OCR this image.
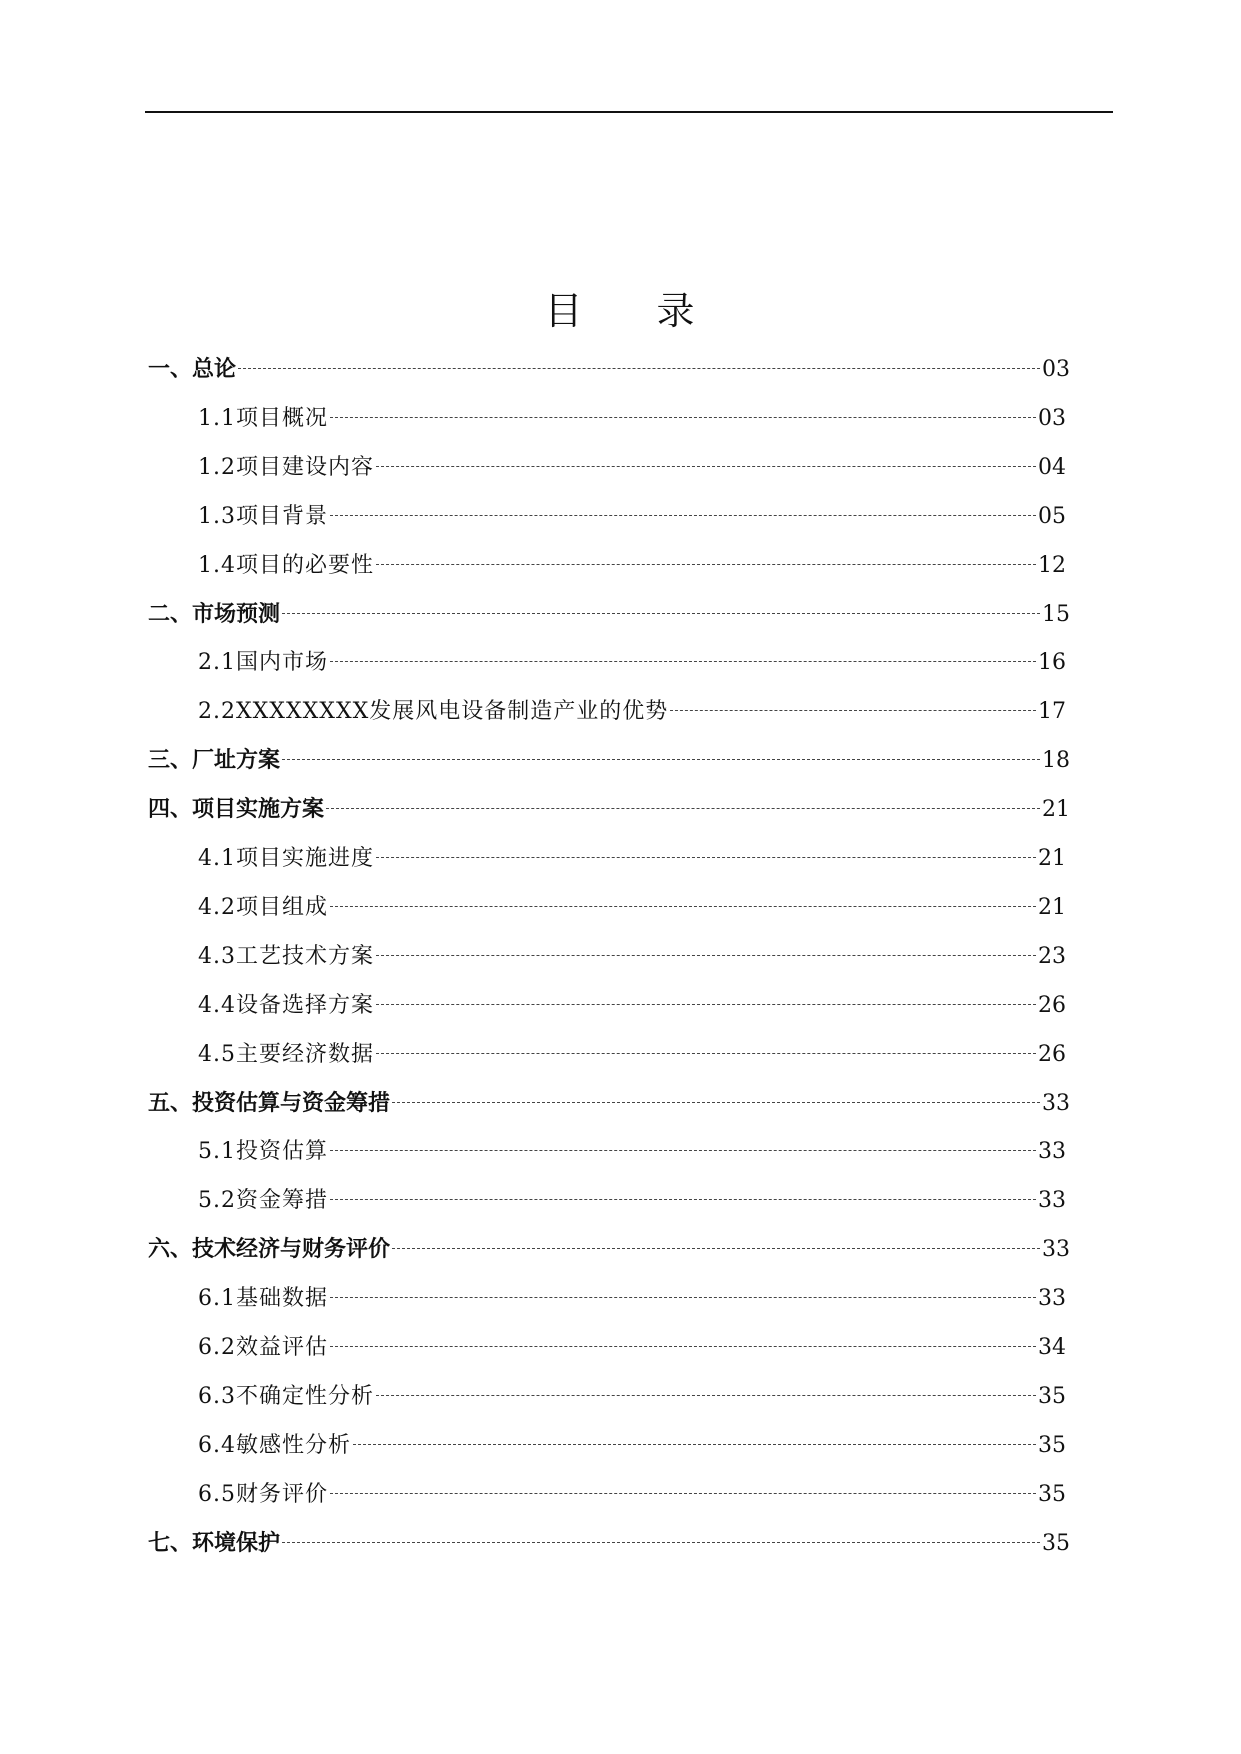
目 录
一、总论	03
1.1项目概况	03
1.2项目建设内容	04
1.3项目背景	05
1.4项目的必要性	12
二、市场预测	15
2.1国内市场	16
2.2XXXXXXXX发展风电设备制造产业的优势	17
三、厂址方案	18
四、项目实施方案	21
4.1项目实施进度	21
4.2项目组成	21
4.3工艺技术方案	23
4.4设备选择方案	26
4.5主要经济数据	26
五、投资估算与资金筹措	33
5.1投资估算	33
5.2资金筹措	33
六、技术经济与财务评价	33
6.1基础数据	33
6.2效益评估	34
6.3不确定性分析	35
6.4敏感性分析	35
6.5财务评价	35
七、环境保护	35
